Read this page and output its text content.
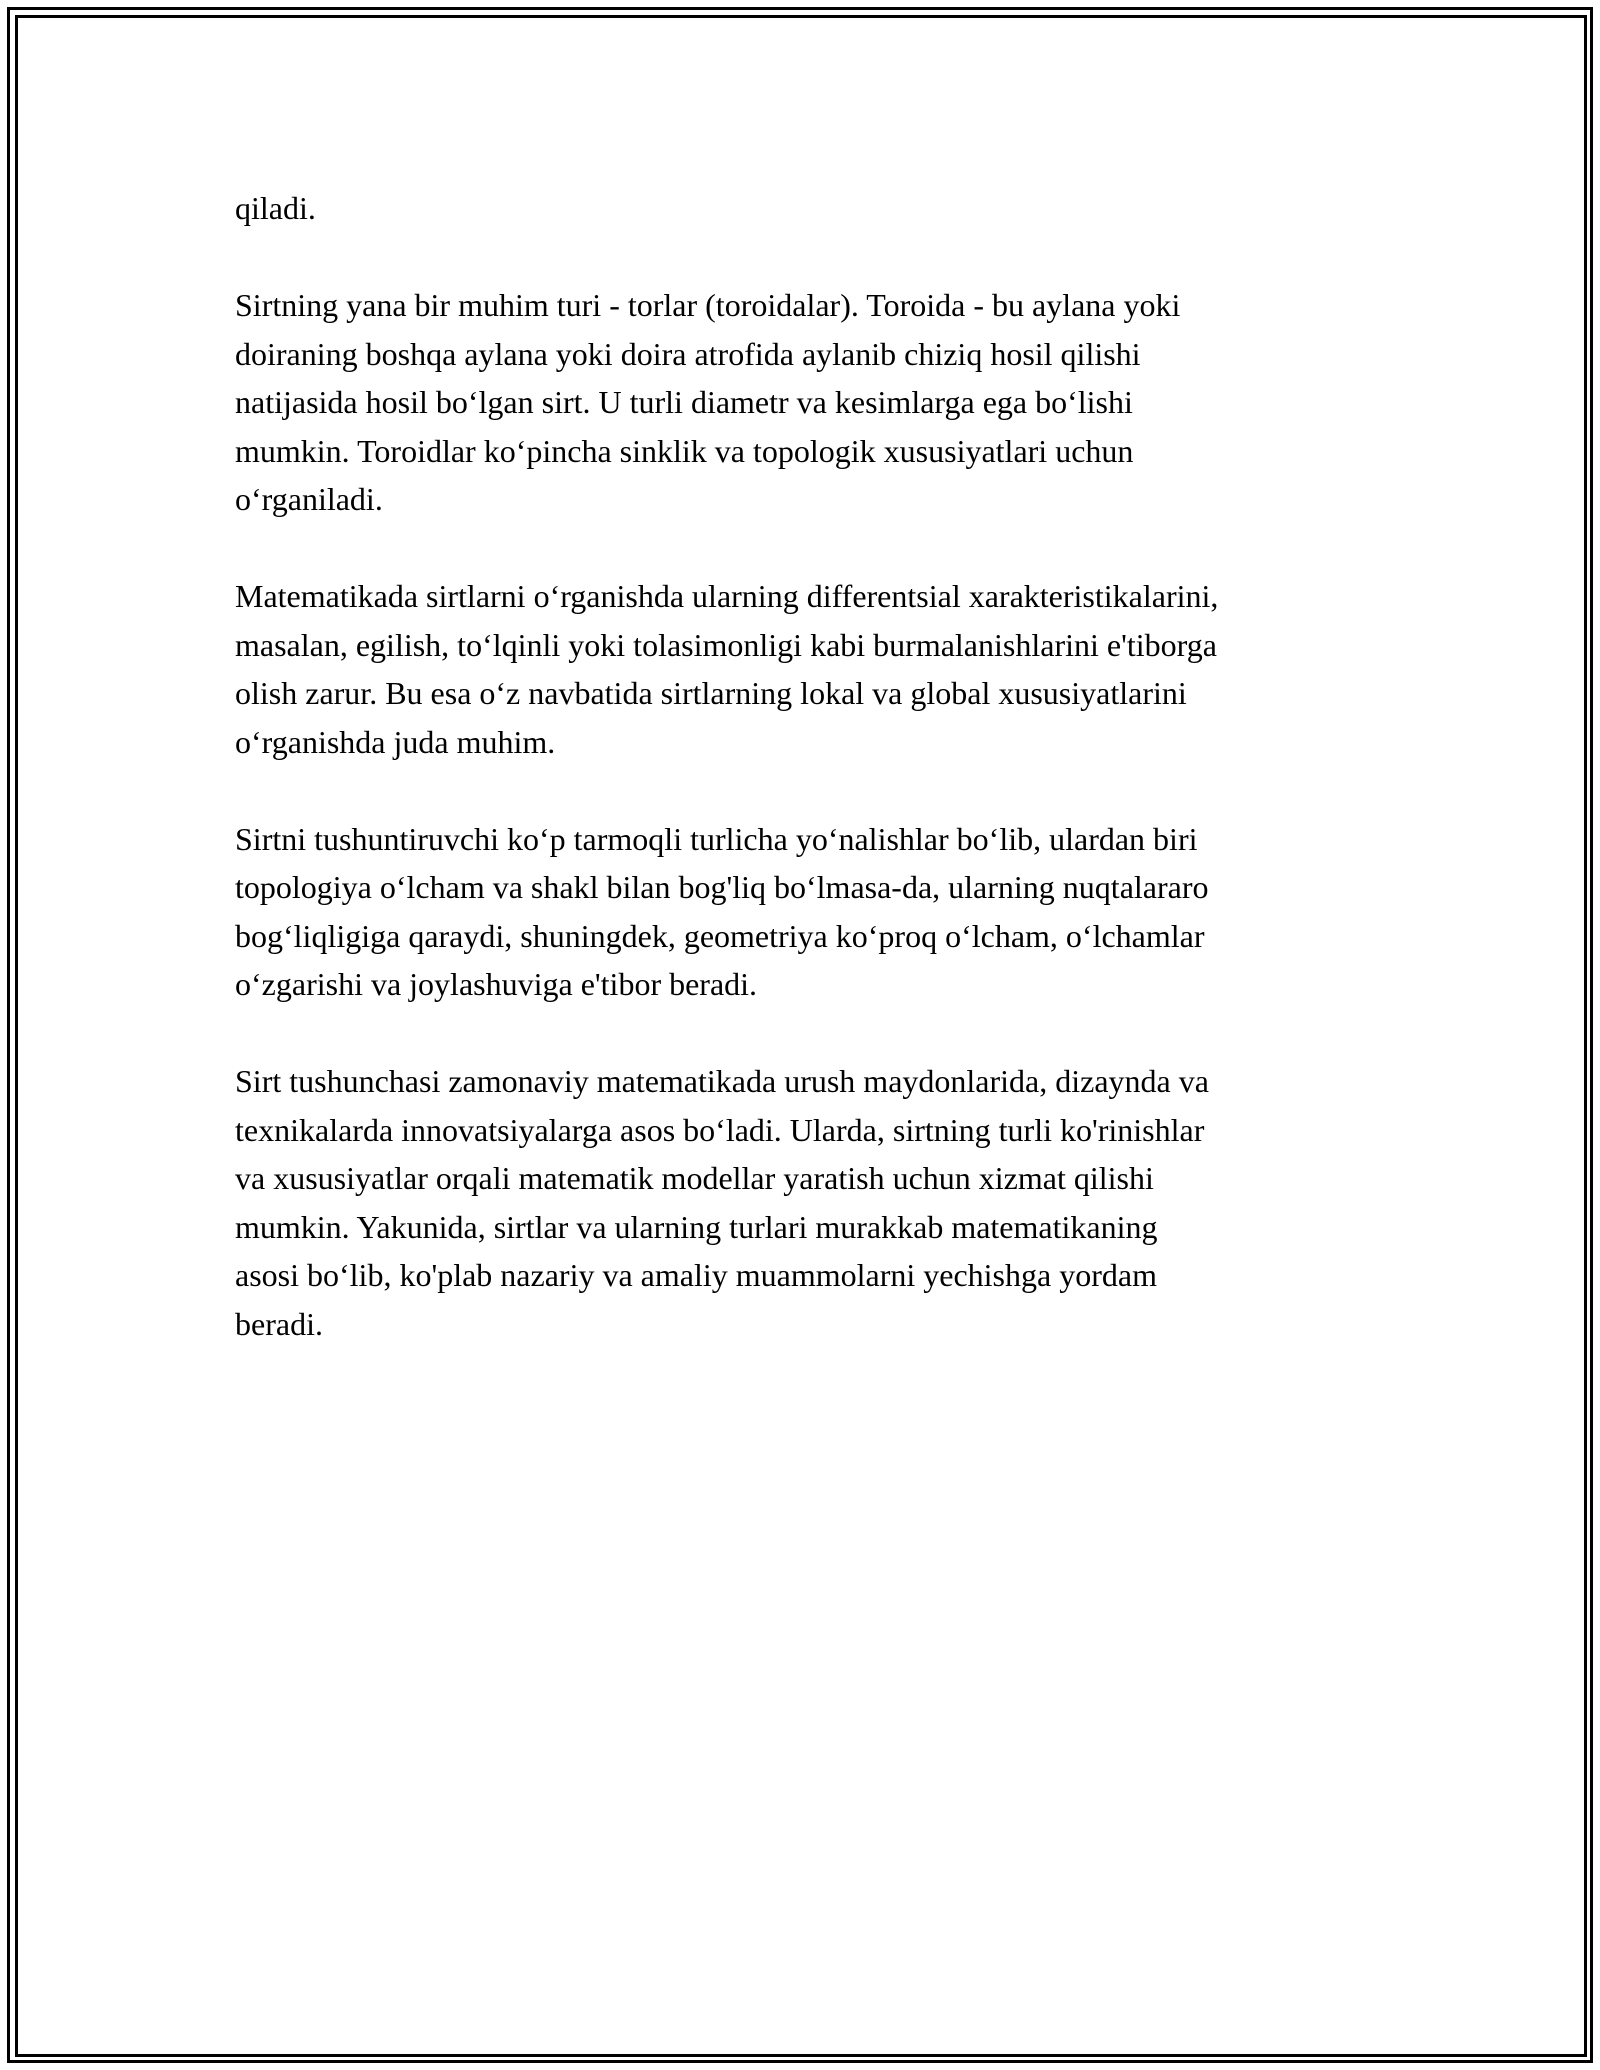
qiladi.

Sirtning yana bir muhim turi - torlar (toroidalar). Toroida - bu aylana yoki
doiraning boshqa aylana yoki doira atrofida aylanib chiziq hosil qilishi
natijasida hosil bo‘lgan sirt. U turli diametr va kesimlarga ega bo‘lishi
mumkin. Toroidlar ko‘pincha sinklik va topologik xususiyatlari uchun
o‘rganiladi.

Matematikada sirtlarni o‘rganishda ularning differentsial xarakteristikalarini,
masalan, egilish, to‘lqinli yoki tolasimonligi kabi burmalanishlarini e'tiborga
olish zarur. Bu esa o‘z navbatida sirtlarning lokal va global xususiyatlarini
o‘rganishda juda muhim.

Sirtni tushuntiruvchi ko‘p tarmoqli turlicha yo‘nalishlar bo‘lib, ulardan biri
topologiya o‘lcham va shakl bilan bog'liq bo‘lmasa-da, ularning nuqtalararo
bog‘liqligiga qaraydi, shuningdek, geometriya ko‘proq o‘lcham, o‘lchamlar
o‘zgarishi va joylashuviga e'tibor beradi.

Sirt tushunchasi zamonaviy matematikada urush maydonlarida, dizaynda va
texnikalarda innovatsiyalarga asos bo‘ladi. Ularda, sirtning turli ko'rinishlar
va xususiyatlar orqali matematik modellar yaratish uchun xizmat qilishi
mumkin. Yakunida, sirtlar va ularning turlari murakkab matematikaning
asosi bo‘lib, ko'plab nazariy va amaliy muammolarni yechishga yordam
beradi.
